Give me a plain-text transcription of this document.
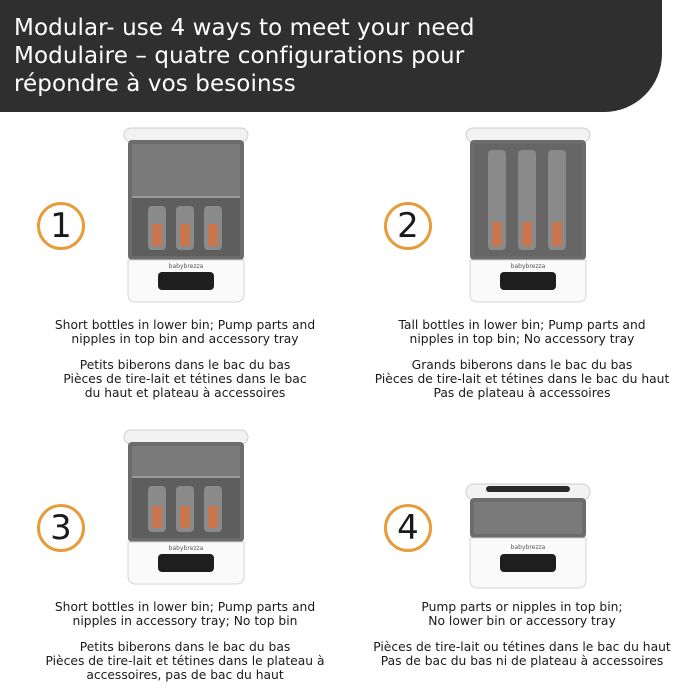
Modular- use 4 ways to meet your need
Modulaire – quatre configurations pour
répondre à vos besoinss
1
babybrezza

Short bottles in lower bin; Pump parts and

nipples in top bin and accessory tray

Petits biberons dans le bac du bas

Pièces de tire-lait et tétines dans le bac

du haut et plateau à accessoires

2
babybrezza

Tall bottles in lower bin; Pump parts and

nipples in top bin; No accessory tray

Grands biberons dans le bac du bas

Pièces de tire-lait et tétines dans le bac du haut

Pas de plateau à accessoires

3
babybrezza

Short bottles in lower bin; Pump parts and

nipples in accessory tray; No top bin

Petits biberons dans le bac du bas

Pièces de tire-lait et tétines dans le plateau à

accessoires, pas de bac du haut

4	babybrezza

Pump parts or nipples in top bin;

No lower bin or accessory tray

Pièces de tire-lait ou tétines dans le bac du haut

Pas de bac du bas ni de plateau à accessoires
